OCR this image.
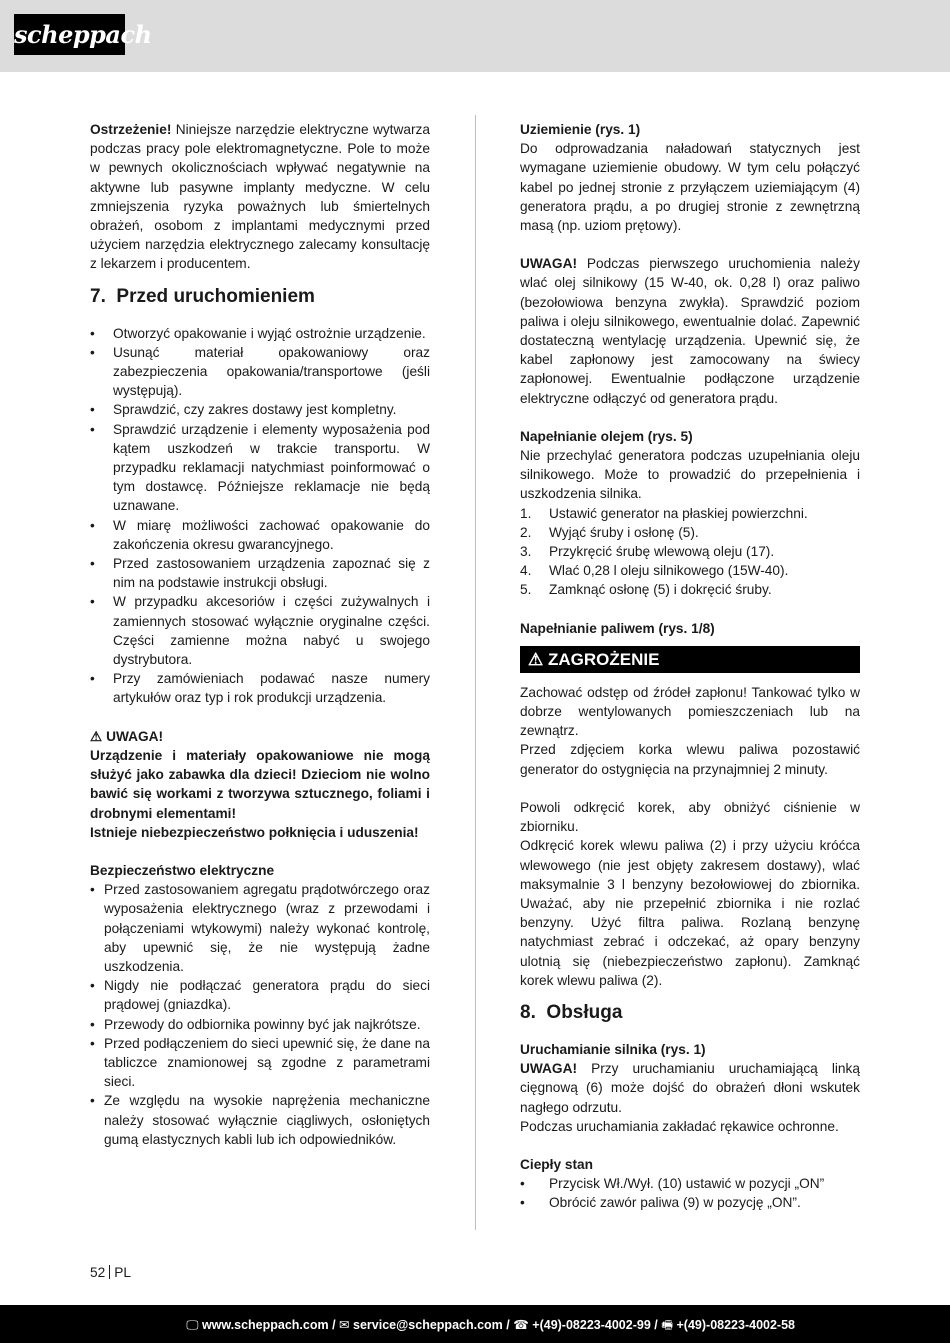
scheppach

Ostrzeżenie! Niniejsze narzędzie elektryczne wytwarza podczas pracy pole elektromagnetyczne. Pole to może w pewnych okolicznościach wpływać negatywnie na aktywne lub pasywne implanty medyczne. W celu zmniejszenia ryzyka poważnych lub śmiertelnych obrażeń, osobom z implantami medycznymi przed użyciem narzędzia elektrycznego zalecamy konsultację z lekarzem i producentem.

7. Przed uruchomieniem
• Otworzyć opakowanie i wyjąć ostrożnie urządzenie.
• Usunąć materiał opakowaniowy oraz zabezpieczenia opakowania/transportowe (jeśli występują).
• Sprawdzić, czy zakres dostawy jest kompletny.
• Sprawdzić urządzenie i elementy wyposażenia pod kątem uszkodzeń w trakcie transportu. W przypadku reklamacji natychmiast poinformować o tym dostawcę. Późniejsze reklamacje nie będą uznawane.
• W miarę możliwości zachować opakowanie do zakończenia okresu gwarancyjnego.
• Przed zastosowaniem urządzenia zapoznać się z nim na podstawie instrukcji obsługi.
• W przypadku akcesoriów i części zużywalnych i zamiennych stosować wyłącznie oryginalne części. Części zamienne można nabyć u swojego dystrybutora.
• Przy zamówieniach podawać nasze numery artykułów oraz typ i rok produkcji urządzenia.

⚠ UWAGA!

Urządzenie i materiały opakowaniowe nie mogą służyć jako zabawka dla dzieci! Dzieciom nie wolno bawić się workami z tworzywa sztucznego, foliami i drobnymi elementami!

Istnieje niebezpieczeństwo połknięcia i uduszenia!

Bezpieczeństwo elektryczne

• Przed zastosowaniem agregatu prądotwórczego oraz wyposażenia elektrycznego (wraz z przewodami i połączeniami wtykowymi) należy wykonać kontrolę, aby upewnić się, że nie występują żadne uszkodzenia.
• Nigdy nie podłączać generatora prądu do sieci prądowej (gniazdka).
• Przewody do odbiornika powinny być jak najkrótsze.
• Przed podłączeniem do sieci upewnić się, że dane na tabliczce znamionowej są zgodne z parametrami sieci.
• Ze względu na wysokie naprężenia mechaniczne należy stosować wyłącznie ciągliwych, osłoniętych gumą elastycznych kabli lub ich odpowiedników.

Uziemienie (rys. 1)

Do odprowadzania naładowań statycznych jest wymagane uziemienie obudowy. W tym celu połączyć kabel po jednej stronie z przyłączem uziemiającym (4) generatora prądu, a po drugiej stronie z zewnętrzną masą (np. uziom prętowy).

UWAGA! Podczas pierwszego uruchomienia należy wlać olej silnikowy (15 W-40, ok. 0,28 l) oraz paliwo (bezołowiowa benzyna zwykła). Sprawdzić poziom paliwa i oleju silnikowego, ewentualnie dolać. Zapewnić dostateczną wentylację urządzenia. Upewnić się, że kabel zapłonowy jest zamocowany na świecy zapłonowej. Ewentualnie podłączone urządzenie elektryczne odłączyć od generatora prądu.

Napełnianie olejem (rys. 5)

Nie przechylać generatora podczas uzupełniania oleju silnikowego. Może to prowadzić do przepełnienia i uszkodzenia silnika.

1. Ustawić generator na płaskiej powierzchni.
2. Wyjąć śruby i osłonę (5).
3. Przykręcić śrubę wlewową oleju (17).
4. Wlać 0,28 l oleju silnikowego (15W-40).
5. Zamknąć osłonę (5) i dokręcić śruby.

Napełnianie paliwem (rys. 1/8)

⚠ ZAGROŻENIE

Zachować odstęp od źródeł zapłonu! Tankować tylko w dobrze wentylowanych pomieszczeniach lub na zewnątrz.

Przed zdjęciem korka wlewu paliwa pozostawić generator do ostygnięcia na przynajmniej 2 minuty.

Powoli odkręcić korek, aby obniżyć ciśnienie w zbiorniku.

Odkręcić korek wlewu paliwa (2) i przy użyciu króćca wlewowego (nie jest objęty zakresem dostawy), wlać maksymalnie 3 l benzyny bezołowiowej do zbiornika. Uważać, aby nie przepełnić zbiornika i nie rozlać benzyny. Użyć filtra paliwa. Rozlaną benzynę natychmiast zebrać i odczekać, aż opary benzyny ulotnią się (niebezpieczeństwo zapłonu). Zamknąć korek wlewu paliwa (2).

8. Obsługa

Uruchamianie silnika (rys. 1)

UWAGA! Przy uruchamianiu uruchamiającą linką cięgnową (6) może dojść do obrażeń dłoni wskutek nagłego odrzutu.

Podczas uruchamiania zakładać rękawice ochronne.

Ciepły stan

• Przycisk Wł./Wył. (10) ustawić w pozycji „ON”
• Obrócić zawór paliwa (9) w pozycję „ON”.
52 PL
🖵 www.scheppach.com / ✉ service@scheppach.com / ☎ +(49)-08223-4002-99 / 🖷 +(49)-08223-4002-58
